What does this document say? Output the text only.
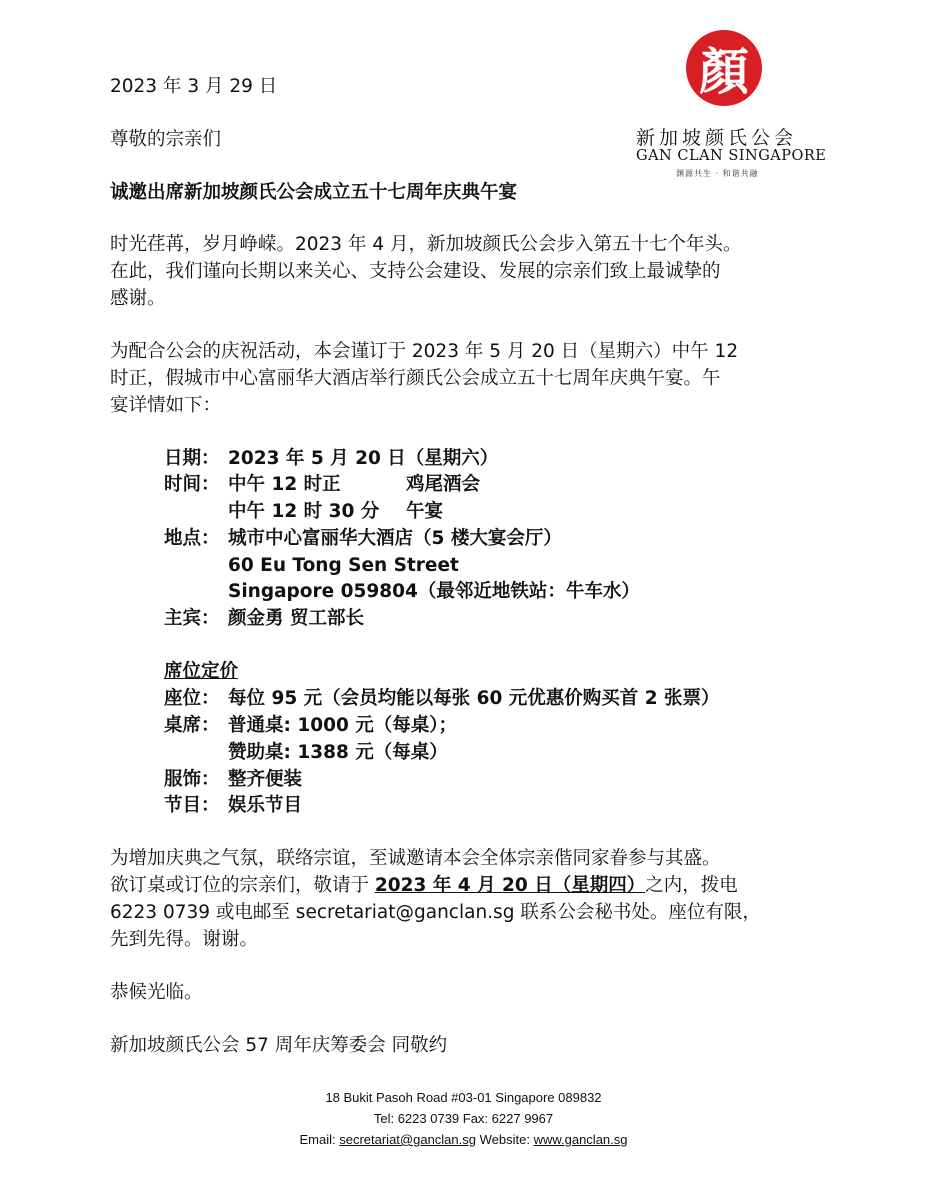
2023 年 3 月 29 日
尊敬的宗亲们
顏
新加坡颜氏公会
GAN CLAN SINGAPORE
渊源共生 · 和谐共融
诚邀出席新加坡颜氏公会成立五十七周年庆典午宴
时光荏苒，岁月峥嵘。2023 年 4 月，新加坡颜氏公会步入第五十七个年头。
在此，我们谨向长期以来关心、支持公会建设、发展的宗亲们致上最诚挚的
感谢。
为配合公会的庆祝活动，本会谨订于 2023 年 5 月 20 日（星期六）中午 12
时正，假城市中心富丽华大酒店举行颜氏公会成立五十七周年庆典午宴。午
宴详情如下：
日期： 2023 年 5 月 20 日（星期六）
时间： 中午 12 时正	鸡尾酒会
中午 12 时 30 分 午宴
地点： 城市中心富丽华大酒店（5 楼大宴会厅）
60 Eu Tong Sen Street
Singapore 059804（最邻近地铁站：牛车水）
主宾： 颜金勇 贸工部长
席位定价
座位： 每位 95 元（会员均能以每张 60 元优惠价购买首 2 张票）
桌席： 普通桌: 1000 元（每桌）；
赞助桌: 1388 元（每桌）
服饰： 整齐便装
节目： 娱乐节目
为增加庆典之气氛，联络宗谊，至诚邀请本会全体宗亲偕同家眷参与其盛。
欲订桌或订位的宗亲们，敬请于 2023 年 4 月 20 日（星期四）之内，拨电
6223 0739 或电邮至 secretariat@ganclan.sg 联系公会秘书处。座位有限，
先到先得。谢谢。
恭候光临。
新加坡颜氏公会 57 周年庆筹委会 同敬约
18 Bukit Pasoh Road #03-01 Singapore 089832
Tel: 6223 0739 Fax: 6227 9967
Email: secretariat@ganclan.sg Website: www.ganclan.sg
